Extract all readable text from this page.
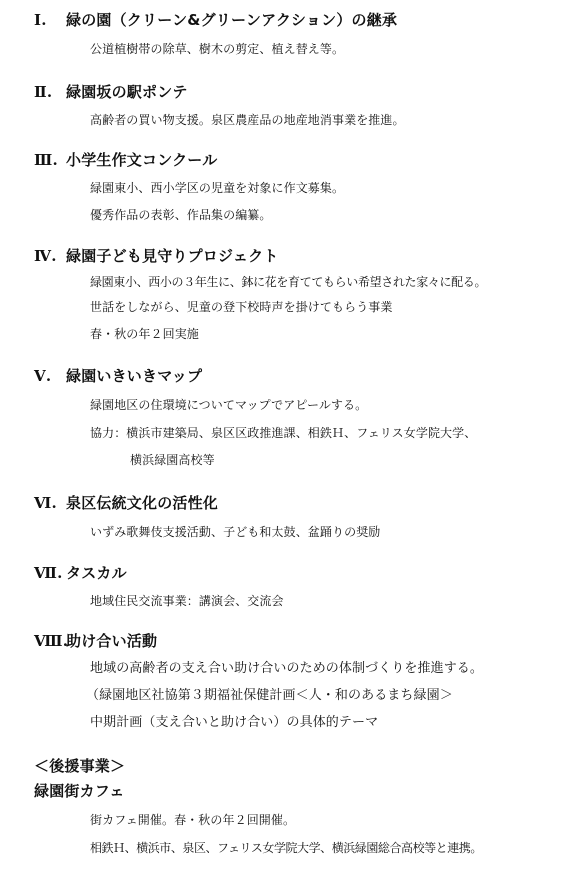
Ⅰ. 緑の園（クリーン&グリーンアクション）の継承
公道植樹帯の除草、樹木の剪定、植え替え等。
Ⅱ. 緑園坂の駅ポンテ
高齢者の買い物支援。泉区農産品の地産地消事業を推進。
Ⅲ. 小学生作文コンクール
緑園東小、西小学区の児童を対象に作文募集。
優秀作品の表彰、作品集の編纂。
Ⅳ. 緑園子ども見守りプロジェクト
緑園東小、西小の３年生に、鉢に花を育ててもらい希望された家々に配る。
世話をしながら、児童の登下校時声を掛けてもらう事業
春・秋の年２回実施
Ⅴ. 緑園いきいきマップ
緑園地区の住環境についてマップでアピールする。
協力：横浜市建築局、泉区区政推進課、相鉄Ｈ、フェリス女学院大学、
横浜緑園高校等
Ⅵ. 泉区伝統文化の活性化
いずみ歌舞伎支援活動、子ども和太鼓、盆踊りの奨励
Ⅶ. タスカル
地域住民交流事業：講演会、交流会
Ⅷ.助け合い活動
地域の高齢者の支え合い助け合いのための体制づくりを推進する。
（緑園地区社協第３期福祉保健計画＜人・和のあるまち緑園＞
中期計画（支え合いと助け合い）の具体的テーマ
＜後援事業＞
緑園街カフェ
街カフェ開催。春・秋の年２回開催。
相鉄Ｈ、横浜市、泉区、フェリス女学院大学、横浜緑園総合高校等と連携。
